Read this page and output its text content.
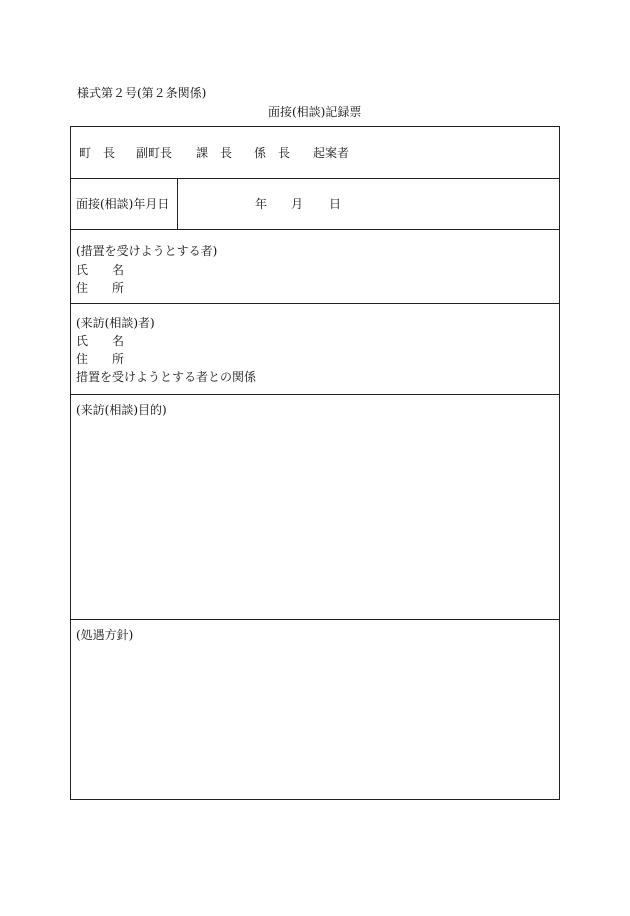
様式第２号(第２条関係)
面接(相談)記録票
町　長 副町長 課　長 係　長 起案者
面接(相談)年月日	年 月 日
(措置を受けようとする者)
氏　　名
住　　所
(来訪(相談)者)
氏　　名
住　　所
措置を受けようとする者との関係
(来訪(相談)目的)
(処遇方針)
